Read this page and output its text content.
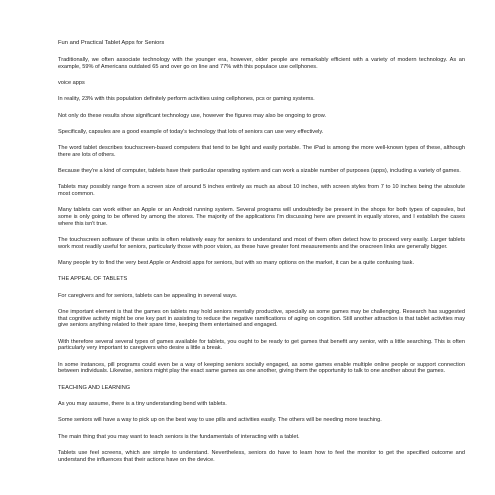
Fun and Practical Tablet Apps for Seniors
Traditionally, we often associate technology with the younger era, however, older people are remarkably efficient with a variety of modern technology. As an example, 59% of Americans outdated 65 and over go on line and 77% with this populace use cellphones.
voice apps
In reality, 23% with this population definitely perform activities using cellphones, pcs or gaming systems.
Not only do these results show significant technology use, however the figures may also be ongoing to grow.
Specifically, capsules are a good example of today's technology that lots of seniors can use very effectively.
The word tablet describes touchscreen-based computers that tend to be light and easily portable. The iPad is among the more well-known types of these, although there are lots of others.
Because they're a kind of computer, tablets have their particular operating system and can work a sizable number of purposes (apps), including a variety of games.
Tablets may possibly range from a screen size of around 5 inches entirely as much as about 10 inches, with screen styles from 7 to 10 inches being the absolute most common.
Many tablets can work either an Apple or an Android running system. Several programs will undoubtedly be present in the shops for both types of capsules, but some is only going to be offered by among the stores. The majority of the applications I'm discussing here are present in equally stores, and I establish the cases where this isn't true.
The touchscreen software of these units is often relatively easy for seniors to understand and most of them often detect how to proceed very easily. Larger tablets work most readily useful for seniors, particularly those with poor vision, as these have greater font measurements and the onscreen links are generally bigger.
Many people try to find the very best Apple or Android apps for seniors, but with so many options on the market, it can be a quite confusing task.
THE APPEAL OF TABLETS
For caregivers and for seniors, tablets can be appealing in several ways.
One important element is that the games on tablets may hold seniors mentally productive, specially as some games may be challenging. Research has suggested that cognitive activity might be one key part in assisting to reduce the negative ramifications of aging on cognition. Still another attraction is that tablet activities may give seniors anything related to their spare time, keeping them entertained and engaged.
With therefore several several types of games available for tablets, you ought to be ready to get games that benefit any senior, with a little searching. This is often particularly very important to caregivers who desire a little a break.
In some instances, pill programs could even be a way of keeping seniors socially engaged, as some games enable multiple online people or support connection between individuals. Likewise, seniors might play the exact same games as one another, giving them the opportunity to talk to one another about the games.
TEACHING AND LEARNING
As you may assume, there is a tiny understanding bend with tablets.
Some seniors will have a way to pick up on the best way to use pills and activities easily. The others will be needing more teaching.
The main thing that you may want to teach seniors is the fundamentals of interacting with a tablet.
Tablets use feel screens, which are simple to understand. Nevertheless, seniors do have to learn how to feel the monitor to get the specified outcome and understand the influences that their actions have on the device.
